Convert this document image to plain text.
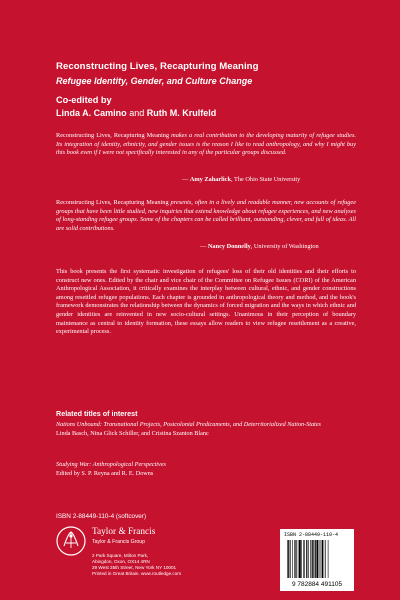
Reconstructing Lives, Recapturing Meaning
Refugee Identity, Gender, and Culture Change
Co-edited by
Linda A. Camino and Ruth M. Krulfeld
Reconstructing Lives, Recapturing Meaning makes a real contribution to the developing maturity of refugee studies. Its integration of identity, ethnicity, and gender issues is the reason I like to read anthropology, and why I might buy this book even if I were not specifically interested in any of the particular groups discussed.
— Amy Zaharlick, The Ohio State University
Reconstructing Lives, Recapturing Meaning presents, often in a lively and readable manner, new accounts of refugee groups that have been little studied, new inquiries that extend knowledge about refugee experiences, and new analyses of long-standing refugee groups. Some of the chapters can be called brilliant, outstanding, clever, and full of ideas. All are solid contributions.
— Nancy Donnelly, University of Washington
This book presents the first systematic investigation of refugees' loss of their old identities and their efforts to construct new ones. Edited by the chair and vice chair of the Committee on Refugee Issues (CORI) of the American Anthropological Association, it critically examines the interplay between cultural, ethnic, and gender constructions among resettled refugee populations. Each chapter is grounded in anthropological theory and method, and the book's framework demonstrates the relationship between the dynamics of forced migration and the ways in which ethnic and gender identities are reinvented in new socio-cultural settings. Unanimous in their perception of boundary maintenance as central to identity formation, these essays allow readers to view refugee resettlement as a creative, experimental process.
Related titles of interest
Nations Unbound: Transnational Projects, Postcolonial Predicaments, and Deterritorialized Nation-States
Linda Basch, Nina Glick Schiller, and Cristina Szanton Blanc
Studying War: Anthropological Perspectives
Edited by S. P. Reyna and R. E. Downs
ISBN 2-88449-110-4 (softcover)
Taylor & Francis
Taylor & Francis Group
2 Park Square, Milton Park,
Abingdon, Oxon, OX14 4RN
29 West 35th Street, New York NY 10001
Printed in Great Britain. www.routledge.com
ISBN 2-88449-110-4
9 782884 491105
